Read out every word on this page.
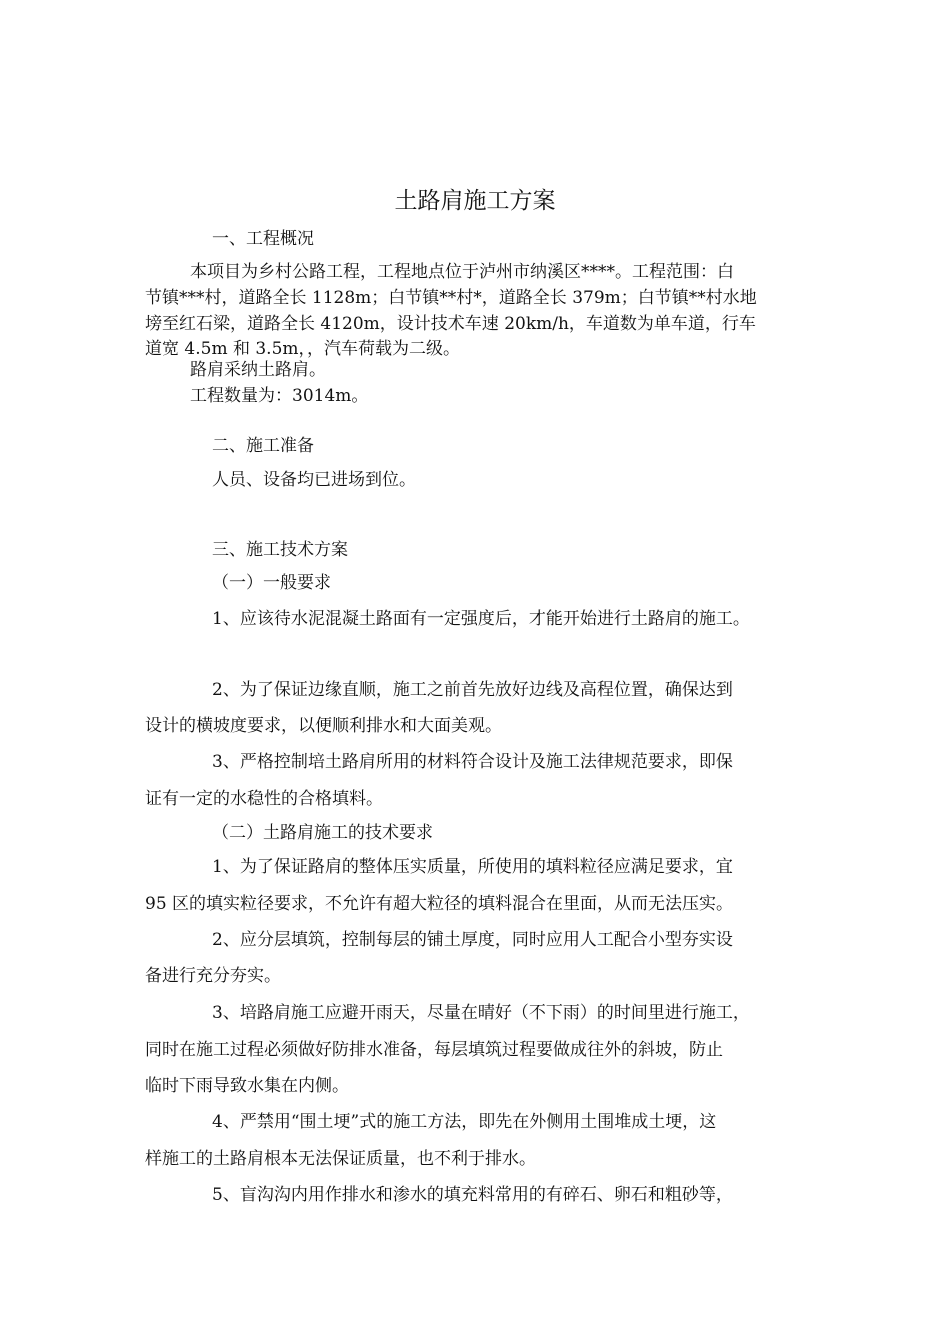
土路肩施工方案
一、工程概况
本项目为乡村公路工程，工程地点位于泸州市纳溪区****。工程范围：白
节镇***村，道路全长 1128m；白节镇**村*，道路全长 379m；白节镇**村水地
塝至红石梁，道路全长 4120m，设计技术车速 20km/h，车道数为单车道，行车
道宽 4.5m 和 3.5m，，汽车荷载为二级。
路肩采纳土路肩。
工程数量为：3014m。
二、施工准备
人员、设备均已进场到位。
三、施工技术方案
（一）一般要求
1、应该待水泥混凝土路面有一定强度后，才能开始进行土路肩的施工。
2、为了保证边缘直顺，施工之前首先放好边线及高程位置，确保达到
设计的横坡度要求，以便顺利排水和大面美观。
3、严格控制培土路肩所用的材料符合设计及施工法律规范要求，即保
证有一定的水稳性的合格填料。
（二）土路肩施工的技术要求
1、为了保证路肩的整体压实质量，所使用的填料粒径应满足要求，宜
95 区的填实粒径要求，不允许有超大粒径的填料混合在里面，从而无法压实。
2、应分层填筑，控制每层的铺土厚度，同时应用人工配合小型夯实设
备进行充分夯实。
3、培路肩施工应避开雨天，尽量在晴好（不下雨）的时间里进行施工，
同时在施工过程必须做好防排水准备，每层填筑过程要做成往外的斜坡，防止
临时下雨导致水集在内侧。
4、严禁用“围土埂”式的施工方法，即先在外侧用土围堆成土埂，这
样施工的土路肩根本无法保证质量，也不利于排水。
5、盲沟沟内用作排水和渗水的填充料常用的有碎石、卵石和粗砂等，
